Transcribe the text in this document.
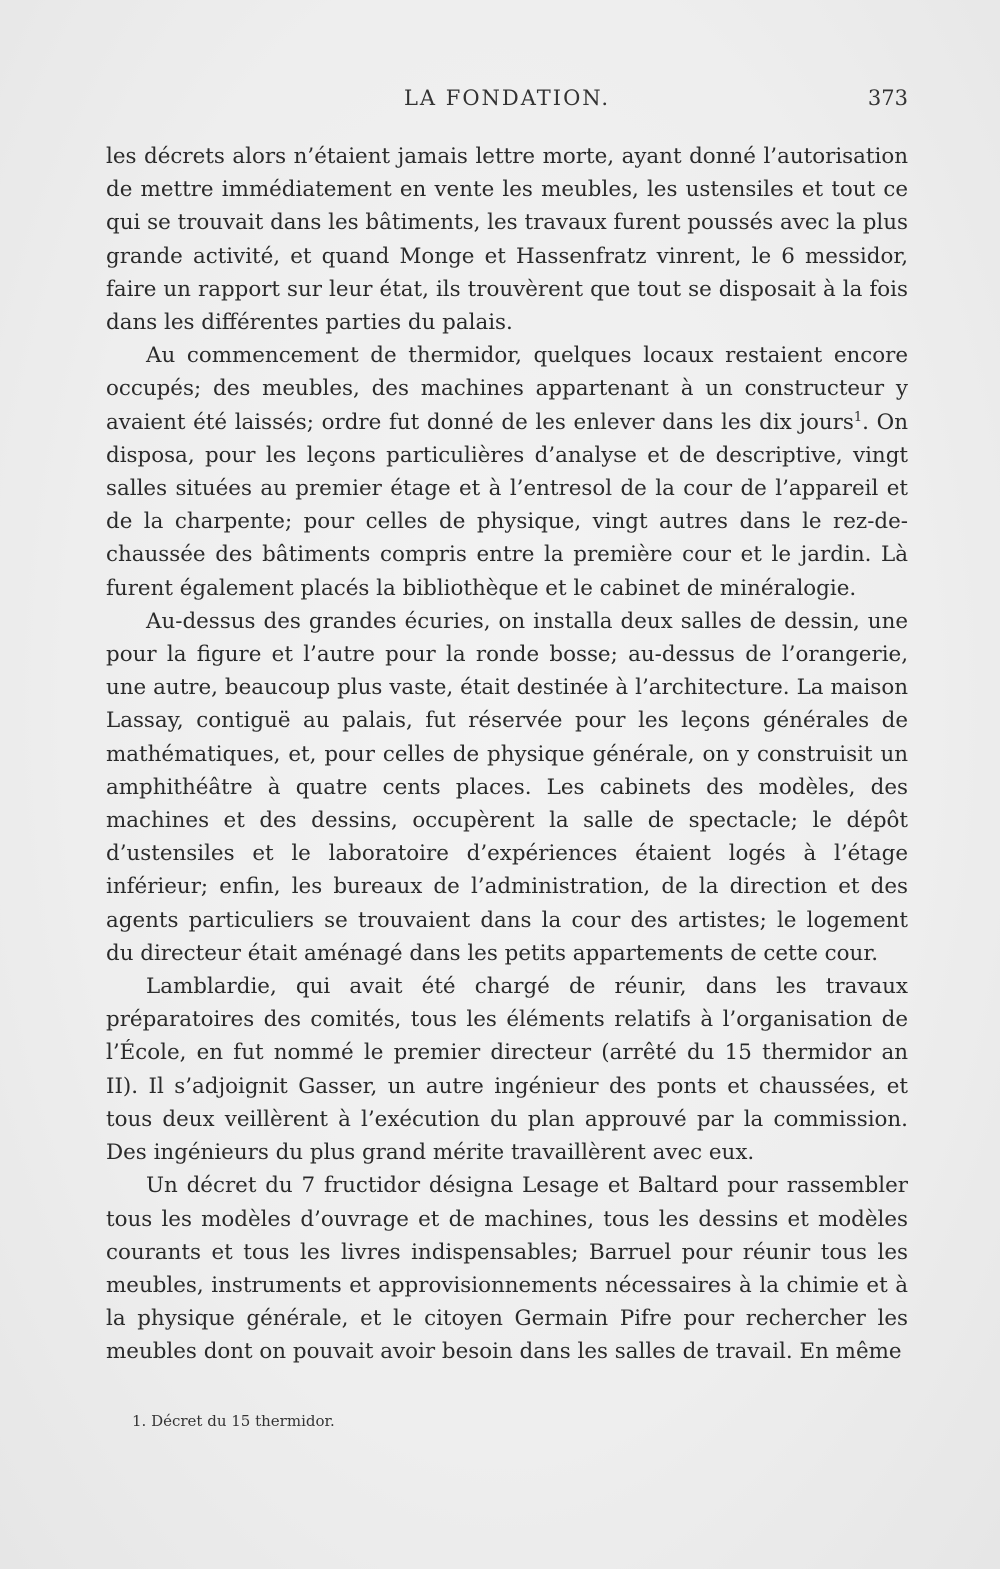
LA FONDATION.	373

les décrets alors n’étaient jamais lettre morte, ayant donné l’autorisation de mettre immédiatement en vente les meubles, les ustensiles et tout ce qui se trouvait dans les bâtiments, les travaux furent poussés avec la plus grande activité, et quand Monge et Hassenfratz vinrent, le 6 messidor, faire un rapport sur leur état, ils trouvèrent que tout se disposait à la fois dans les différentes parties du palais.

Au commencement de thermidor, quelques locaux restaient encore occupés; des meubles, des machines appartenant à un constructeur y avaient été laissés; ordre fut donné de les enlever dans les dix jours$^1$. On disposa, pour les leçons particulières d’analyse et de descriptive, vingt salles situées au premier étage et à l’entresol de la cour de l’appareil et de la charpente; pour celles de physique, vingt autres dans le rez-de-chaussée des bâtiments compris entre la première cour et le jardin. Là furent également placés la bibliothèque et le cabinet de minéralogie.

Au-dessus des grandes écuries, on installa deux salles de dessin, une pour la figure et l’autre pour la ronde bosse; au-dessus de l’orangerie, une autre, beaucoup plus vaste, était destinée à l’architecture. La maison Lassay, contiguë au palais, fut réservée pour les leçons générales de mathématiques, et, pour celles de physique générale, on y construisit un amphithéâtre à quatre cents places. Les cabinets des modèles, des machines et des dessins, occupèrent la salle de spectacle; le dépôt d’ustensiles et le laboratoire d’expériences étaient logés à l’étage inférieur; enfin, les bureaux de l’administration, de la direction et des agents particuliers se trouvaient dans la cour des artistes; le logement du directeur était aménagé dans les petits appartements de cette cour.

Lamblardie, qui avait été chargé de réunir, dans les travaux préparatoires des comités, tous les éléments relatifs à l’organisation de l’École, en fut nommé le premier directeur (arrêté du 15 thermidor an II). Il s’adjoignit Gasser, un autre ingénieur des ponts et chaussées, et tous deux veillèrent à l’exécution du plan approuvé par la commission. Des ingénieurs du plus grand mérite travaillèrent avec eux.

Un décret du 7 fructidor désigna Lesage et Baltard pour rassembler tous les modèles d’ouvrage et de machines, tous les dessins et modèles courants et tous les livres indispensables; Barruel pour réunir tous les meubles, instruments et approvisionnements nécessaires à la chimie et à la physique générale, et le citoyen Germain Pifre pour rechercher les meubles dont on pouvait avoir besoin dans les salles de travail. En même

1. Décret du 15 thermidor.
